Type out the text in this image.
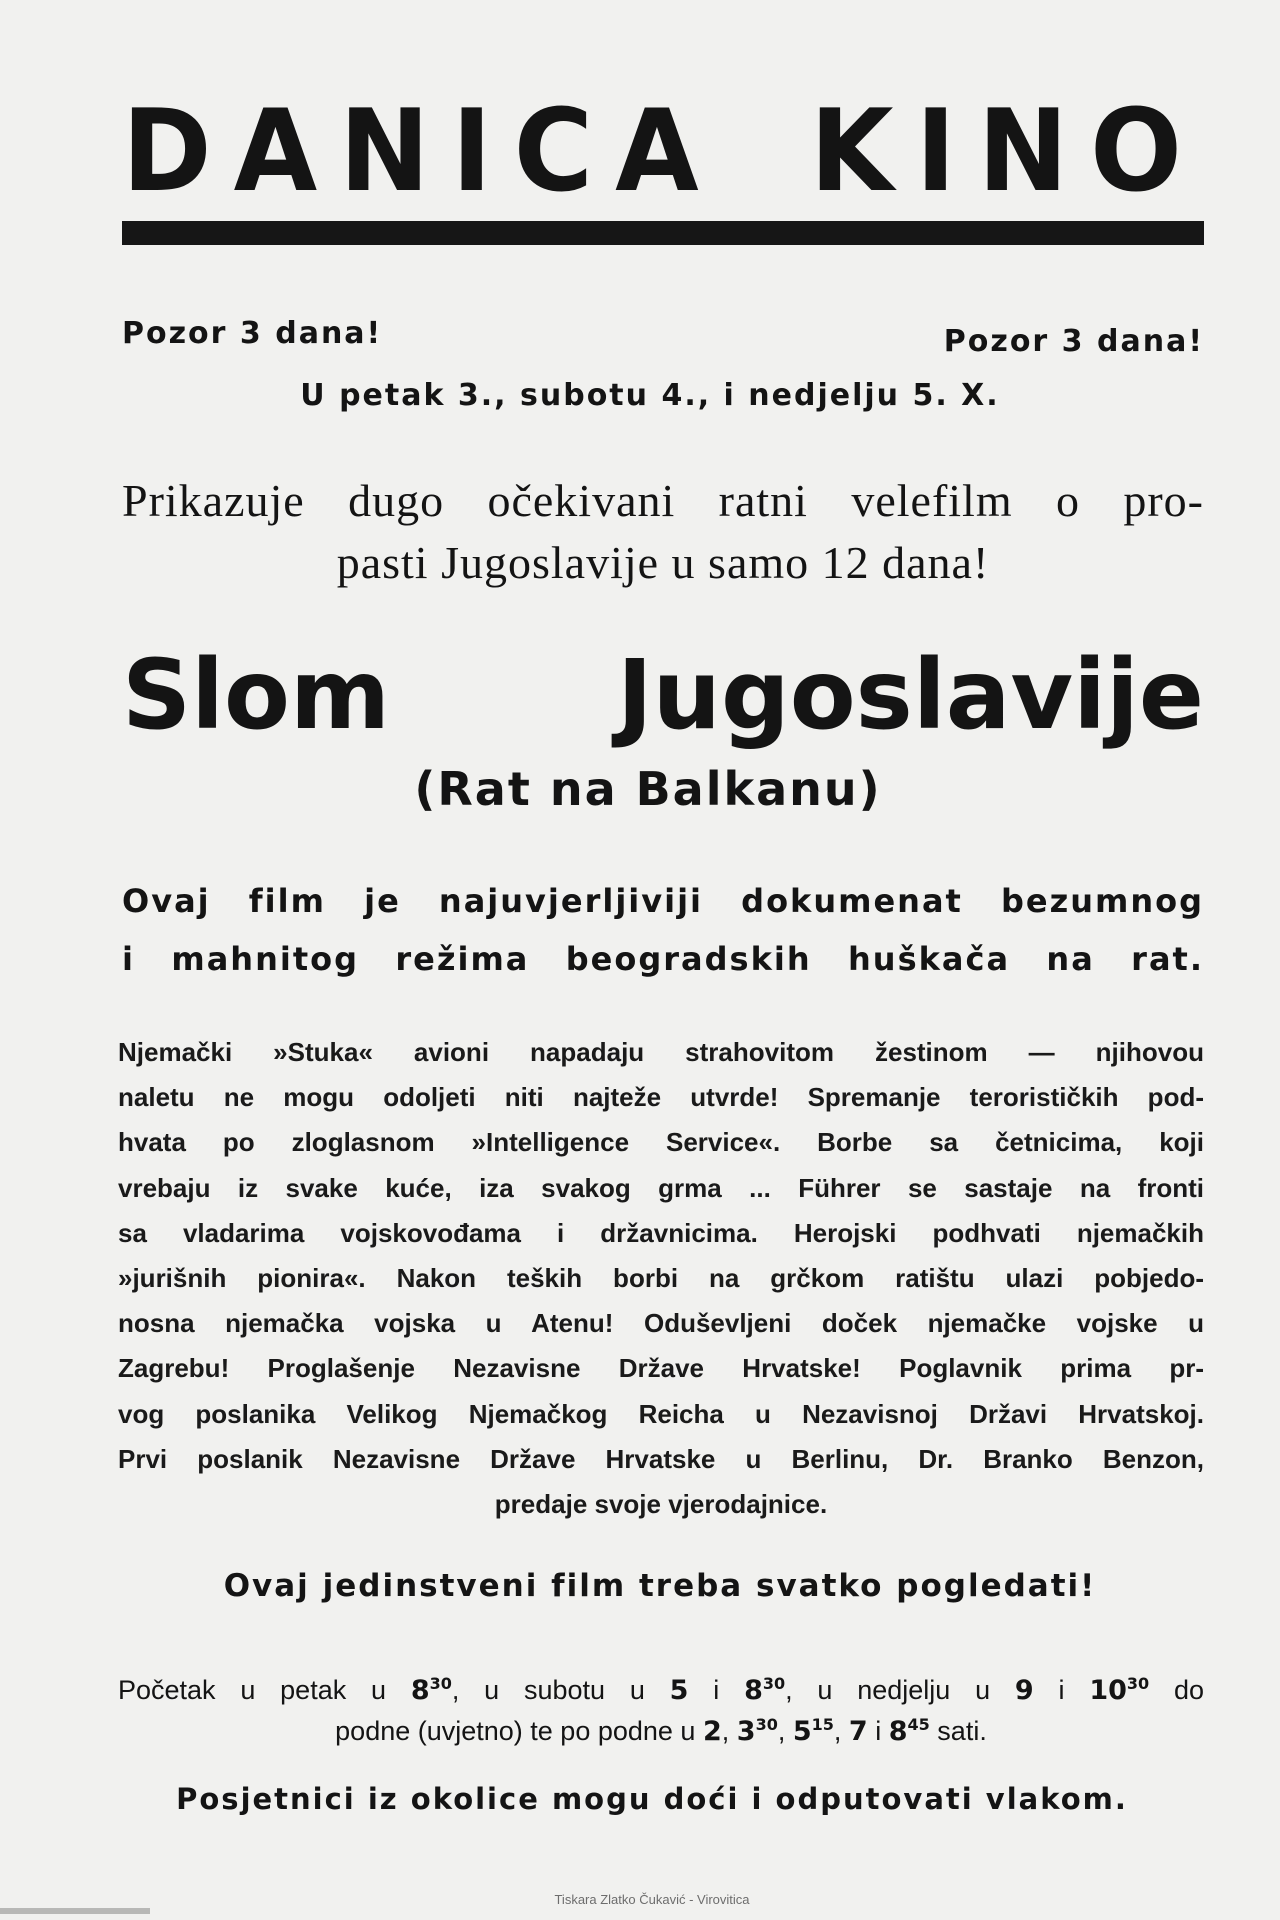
DANICA KINO
Pozor 3 dana!	Pozor 3 dana!
U petak 3., subotu 4., i nedjelju 5. X.
Prikazuje dugo očekivani ratni velefilm o pro-
pasti Jugoslavije u samo 12 dana!
Slom Jugoslavije
(Rat na Balkanu)
Ovaj film je najuvjerljiviji dokumenat bezumnog
i mahnitog režima beogradskih huškača na rat.
Njemački »Stuka« avioni napadaju strahovitom žestinom — njihovou
naletu ne mogu odoljeti niti najteže utvrde! Spremanje terorističkih pod-
hvata po zloglasnom »Intelligence Service«. Borbe sa četnicima, koji
vrebaju iz svake kuće, iza svakog grma ... Führer se sastaje na fronti
sa vladarima vojskovođama i državnicima. Herojski podhvati njemačkih
»jurišnih pionira«. Nakon teških borbi na grčkom ratištu ulazi pobjedo-
nosna njemačka vojska u Atenu! Oduševljeni doček njemačke vojske u
Zagrebu! Proglašenje Nezavisne Države Hrvatske! Poglavnik prima pr-
vog poslanika Velikog Njemačkog Reicha u Nezavisnoj Državi Hrvatskoj.
Prvi poslanik Nezavisne Države Hrvatske u Berlinu, Dr. Branko Benzon,
predaje svoje vjerodajnice.
Ovaj jedinstveni film treba svatko pogledati!
Početak u petak u $8^{30}$, u subotu u 5 i $8^{30}$, u nedjelju u 9 i $10^{30}$ do
podne (uvjetno) te po podne u 2, $3^{30}$, $5^{15}$, 7 i $8^{45}$ sati.
Posjetnici iz okolice mogu doći i odputovati vlakom.
Tiskara Zlatko Čukavić - Virovitica
